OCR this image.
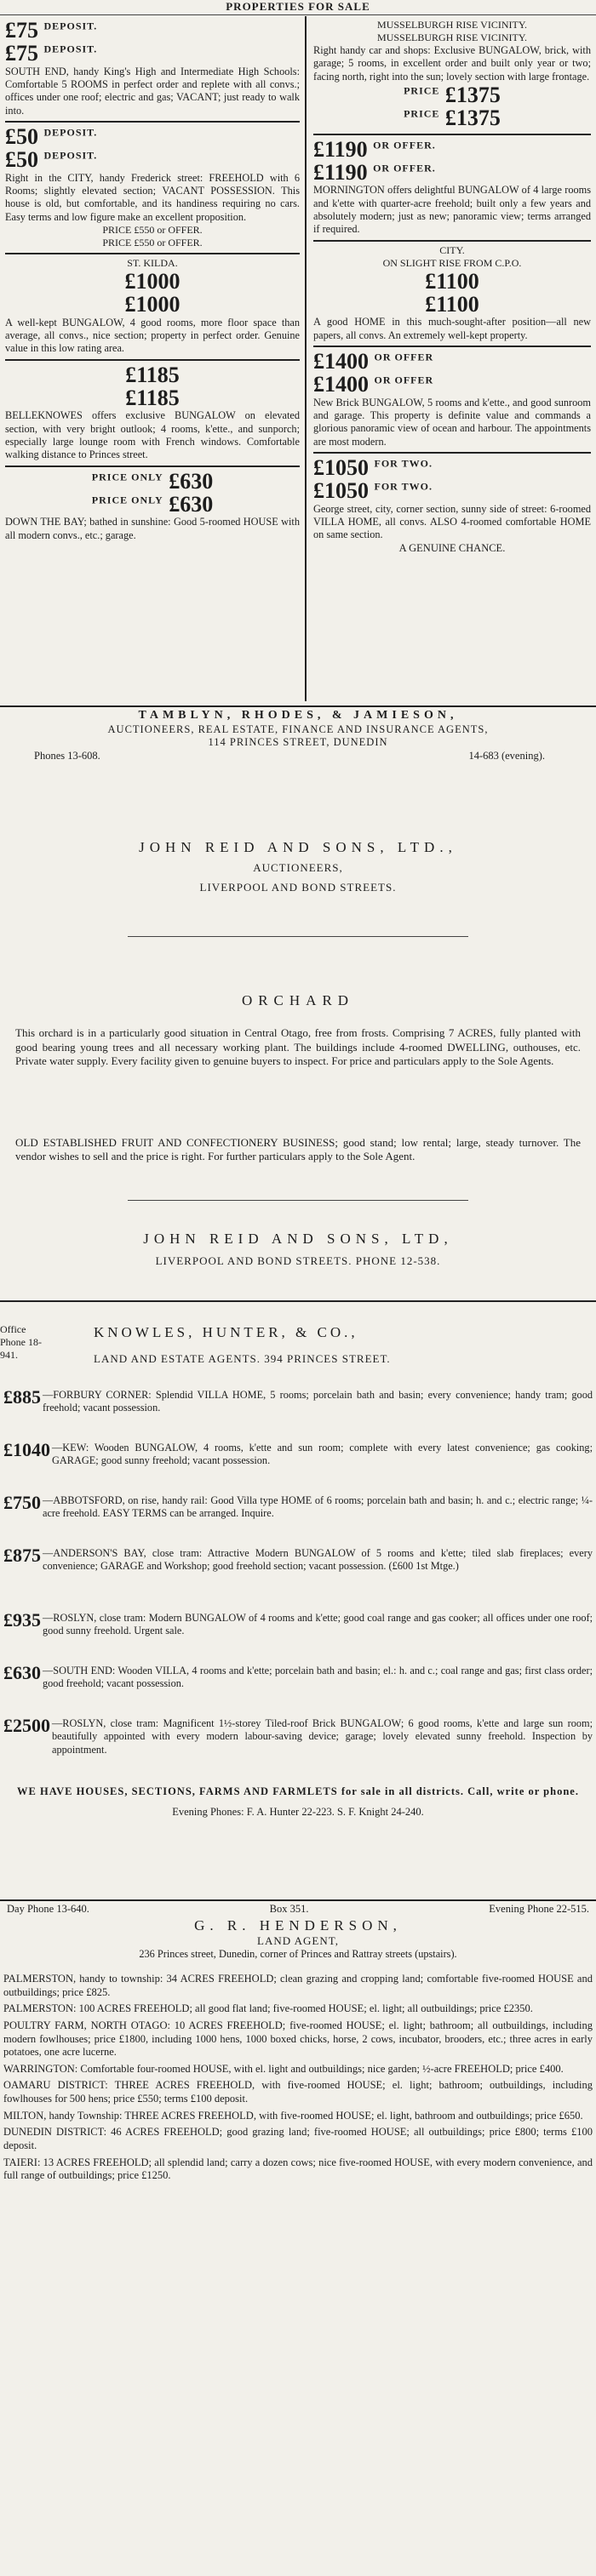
PROPERTIES FOR SALE
£75 $^{DEPOSIT.}$
£75 $^{DEPOSIT.}$
SOUTH END, handy King's High and Intermediate High Schools: Comfortable 5 ROOMS in perfect order and replete with all convs.; offices under one roof; electric and gas; VACANT; just ready to walk into.
£50 $^{DEPOSIT.}$
£50 $^{DEPOSIT.}$
Right in the CITY, handy Frederick street: FREEHOLD with 6 Rooms; slightly elevated section; VACANT POSSESSION. This house is old, but comfortable, and its handiness requiring no cars. Easy terms and low figure make an excellent proposition.
PRICE £550 or OFFER.
PRICE £550 or OFFER.
ST. KILDA.
£1000
£1000
A well-kept BUNGALOW, 4 good rooms, more floor space than average, all convs., nice section; property in perfect order. Genuine value in this low rating area.
£1185
£1185
BELLEKNOWES offers exclusive BUNGALOW on elevated section, with very bright outlook; 4 rooms, k'ette., and sunporch; especially large lounge room with French windows. Comfortable walking distance to Princes street.
$^{PRICE ONLY}$ £630
$^{PRICE ONLY}$ £630
DOWN THE BAY; bathed in sunshine: Good 5-roomed HOUSE with all modern convs., etc.; garage.
MUSSELBURGH RISE VICINITY.
MUSSELBURGH RISE VICINITY.
Right handy car and shops: Exclusive BUNGALOW, brick, with garage; 5 rooms, in excellent order and built only year or two; facing north, right into the sun; lovely section with large frontage.
$^{PRICE}$ £1375
$^{PRICE}$ £1375
£1190 $^{OR OFFER.}$
£1190 $^{OR OFFER.}$
MORNINGTON offers delightful BUNGALOW of 4 large rooms and k'ette with quarter-acre freehold; built only a few years and absolutely modern; just as new; panoramic view; terms arranged if required.
CITY.
ON SLIGHT RISE FROM C.P.O.
£1100
£1100
A good HOME in this much-sought-after position—all new papers, all convs. An extremely well-kept property.
£1400 $^{OR OFFER}$
£1400 $^{OR OFFER}$
New Brick BUNGALOW, 5 rooms and k'ette., and good sunroom and garage. This property is definite value and commands a glorious panoramic view of ocean and harbour. The appointments are most modern.
£1050 $^{FOR TWO.}$
£1050 $^{FOR TWO.}$
George street, city, corner section, sunny side of street: 6-roomed VILLA HOME, all convs. ALSO 4-roomed comfortable HOME on same section.
A GENUINE CHANCE.
TAMBLYN, RHODES, & JAMIESON,
AUCTIONEERS, REAL ESTATE, FINANCE AND INSURANCE AGENTS,
114 PRINCES STREET, DUNEDIN
Phones 13-608.	14-683 (evening).
JOHN REID AND SONS, LTD.,
AUCTIONEERS,
LIVERPOOL AND BOND STREETS.
ORCHARD
This orchard is in a particularly good situation in Central Otago, free from frosts. Comprising 7 ACRES, fully planted with good bearing young trees and all necessary working plant. The buildings include 4-roomed DWELLING, outhouses, etc. Private water supply. Every facility given to genuine buyers to inspect. For price and particulars apply to the Sole Agents.
OLD ESTABLISHED FRUIT AND CONFECTIONERY BUSINESS; good stand; low rental; large, steady turnover. The vendor wishes to sell and the price is right. For further particulars apply to the Sole Agent.
JOHN REID AND SONS, LTD,
LIVERPOOL AND BOND STREETS. PHONE 12-538.
Office Phone 18-941.
KNOWLES, HUNTER, & CO.,
LAND AND ESTATE AGENTS. 394 PRINCES STREET.
£885 —FORBURY CORNER: Splendid VILLA HOME, 5 rooms; porcelain bath and basin; every convenience; handy tram; good freehold; vacant possession.
£1040 —KEW: Wooden BUNGALOW, 4 rooms, k'ette and sun room; complete with every latest convenience; gas cooking; GARAGE; good sunny freehold; vacant possession.
£750 —ABBOTSFORD, on rise, handy rail: Good Villa type HOME of 6 rooms; porcelain bath and basin; h. and c.; electric range; ¼-acre freehold. EASY TERMS can be arranged. Inquire.
£875 —ANDERSON'S BAY, close tram: Attractive Modern BUNGALOW of 5 rooms and k'ette; tiled slab fireplaces; every convenience; GARAGE and Workshop; good freehold section; vacant possession. (£600 1st Mtge.)
£935 —ROSLYN, close tram: Modern BUNGALOW of 4 rooms and k'ette; good coal range and gas cooker; all offices under one roof; good sunny freehold. Urgent sale.
£630 —SOUTH END: Wooden VILLA, 4 rooms and k'ette; porcelain bath and basin; el.: h. and c.; coal range and gas; first class order; good freehold; vacant possession.
£2500 —ROSLYN, close tram: Magnificent 1½-storey Tiled-roof Brick BUNGALOW; 6 good rooms, k'ette and large sun room; beautifully appointed with every modern labour-saving device; garage; lovely elevated sunny freehold. Inspection by appointment.
WE HAVE HOUSES, SECTIONS, FARMS AND FARMLETS for sale in all districts. Call, write or phone.
Evening Phones: F. A. Hunter 22-223. S. F. Knight 24-240.
Day Phone 13-640.	Box 351.	Evening Phone 22-515.
G. R. HENDERSON,
LAND AGENT,
236 Princes street, Dunedin, corner of Princes and Rattray streets (upstairs).

PALMERSTON, handy to township: 34 ACRES FREEHOLD; clean grazing and cropping land; comfortable five-roomed HOUSE and outbuildings; price £825.

PALMERSTON: 100 ACRES FREEHOLD; all good flat land; five-roomed HOUSE; el. light; all outbuildings; price £2350.

POULTRY FARM, NORTH OTAGO: 10 ACRES FREEHOLD; five-roomed HOUSE; el. light; bathroom; all outbuildings, including modern fowlhouses; price £1800, including 1000 hens, 1000 boxed chicks, horse, 2 cows, incubator, brooders, etc.; three acres in early potatoes, one acre lucerne.

WARRINGTON: Comfortable four-roomed HOUSE, with el. light and outbuildings; nice garden; ½-acre FREEHOLD; price £400.

OAMARU DISTRICT: THREE ACRES FREEHOLD, with five-roomed HOUSE; el. light; bathroom; outbuildings, including fowlhouses for 500 hens; price £550; terms £100 deposit.

MILTON, handy Township: THREE ACRES FREEHOLD, with five-roomed HOUSE; el. light, bathroom and outbuildings; price £650.

DUNEDIN DISTRICT: 46 ACRES FREEHOLD; good grazing land; five-roomed HOUSE; all outbuildings; price £800; terms £100 deposit.

TAIERI: 13 ACRES FREEHOLD; all splendid land; carry a dozen cows; nice five-roomed HOUSE, with every modern convenience, and full range of outbuildings; price £1250.
